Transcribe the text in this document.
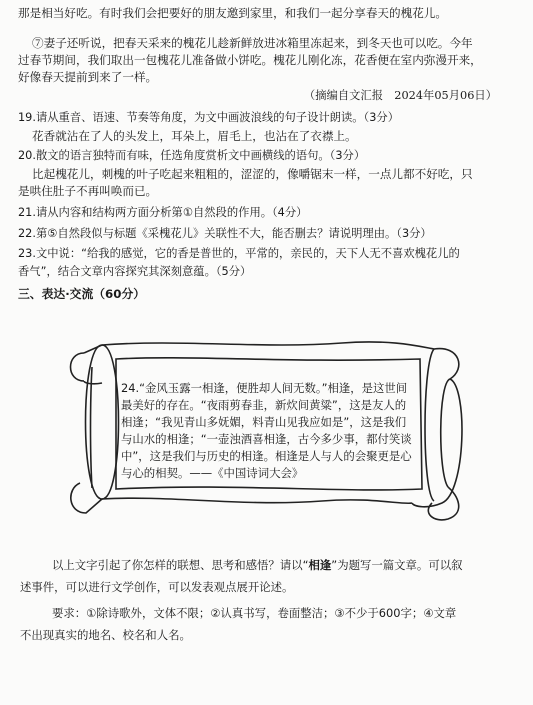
那是相当好吃。有时我们会把要好的朋友邀到家里，和我们一起分享春天的槐花儿。
⑦妻子还听说，把春天采来的槐花儿趁新鲜放进冰箱里冻起来，到冬天也可以吃。今年
过春节期间，我们取出一包槐花儿准备做小饼吃。槐花儿刚化冻，花香便在室内弥漫开来，
好像春天提前到来了一样。
（摘编自文汇报　2024年05月06日）
19.请从重音、语速、节奏等角度，为文中画波浪线的句子设计朗读。（3分）
花香就沾在了人的头发上，耳朵上，眉毛上，也沾在了衣襟上。
20.散文的语言独特而有味，任选角度赏析文中画横线的语句。（3分）
比起槐花儿，刺槐的叶子吃起来粗粗的，涩涩的，像嚼锯末一样，一点儿都不好吃，只
是哄住肚子不再叫唤而已。
21.请从内容和结构两方面分析第①自然段的作用。（4分）
22.第⑤自然段似与标题《采槐花儿》关联性不大，能否删去？请说明理由。（3分）
23.文中说：“给我的感觉，它的香是普世的，平常的，亲民的，天下人无不喜欢槐花儿的
香气”，结合文章内容探究其深刻意蕴。（5分）
三、表达·交流（60分）
24.“金风玉露一相逢，便胜却人间无数。”相逢，是这世间
最美好的存在。“夜雨剪春韭，新炊间黄粱”，这是友人的
相逢；“我见青山多妩媚，料青山见我应如是”，这是我们
与山水的相逢；“一壶浊酒喜相逢，古今多少事，都付笑谈
中”，这是我们与历史的相逢。相逢是人与人的会聚更是心
与心的相契。——《中国诗词大会》
以上文字引起了你怎样的联想、思考和感悟？请以“相逢”为题写一篇文章。可以叙
述事件，可以进行文学创作，可以发表观点展开论述。
要求：①除诗歌外，文体不限；②认真书写，卷面整洁；③不少于600字；④文章
不出现真实的地名、校名和人名。
